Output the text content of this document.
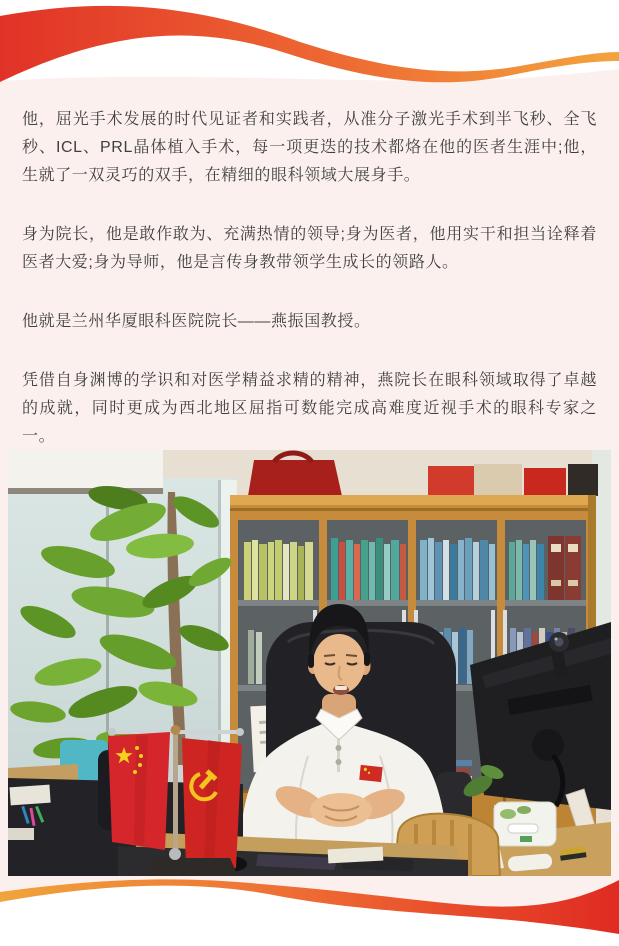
他，屈光手术发展的时代见证者和实践者，从准分子激光手术到半飞秒、全飞秒、ICL、PRL晶体植入手术，每一项更迭的技术都烙在他的医者生涯中;他，生就了一双灵巧的双手，在精细的眼科领域大展身手。

身为院长，他是敢作敢为、充满热情的领导;身为医者，他用实干和担当诠释着医者大爱;身为导师，他是言传身教带领学生成长的领路人。

他就是兰州华厦眼科医院院长——燕振国教授。

凭借自身渊博的学识和对医学精益求精的精神，燕院长在眼科领域取得了卓越的成就，同时更成为西北地区屈指可数能完成高难度近视手术的眼科专家之一。
